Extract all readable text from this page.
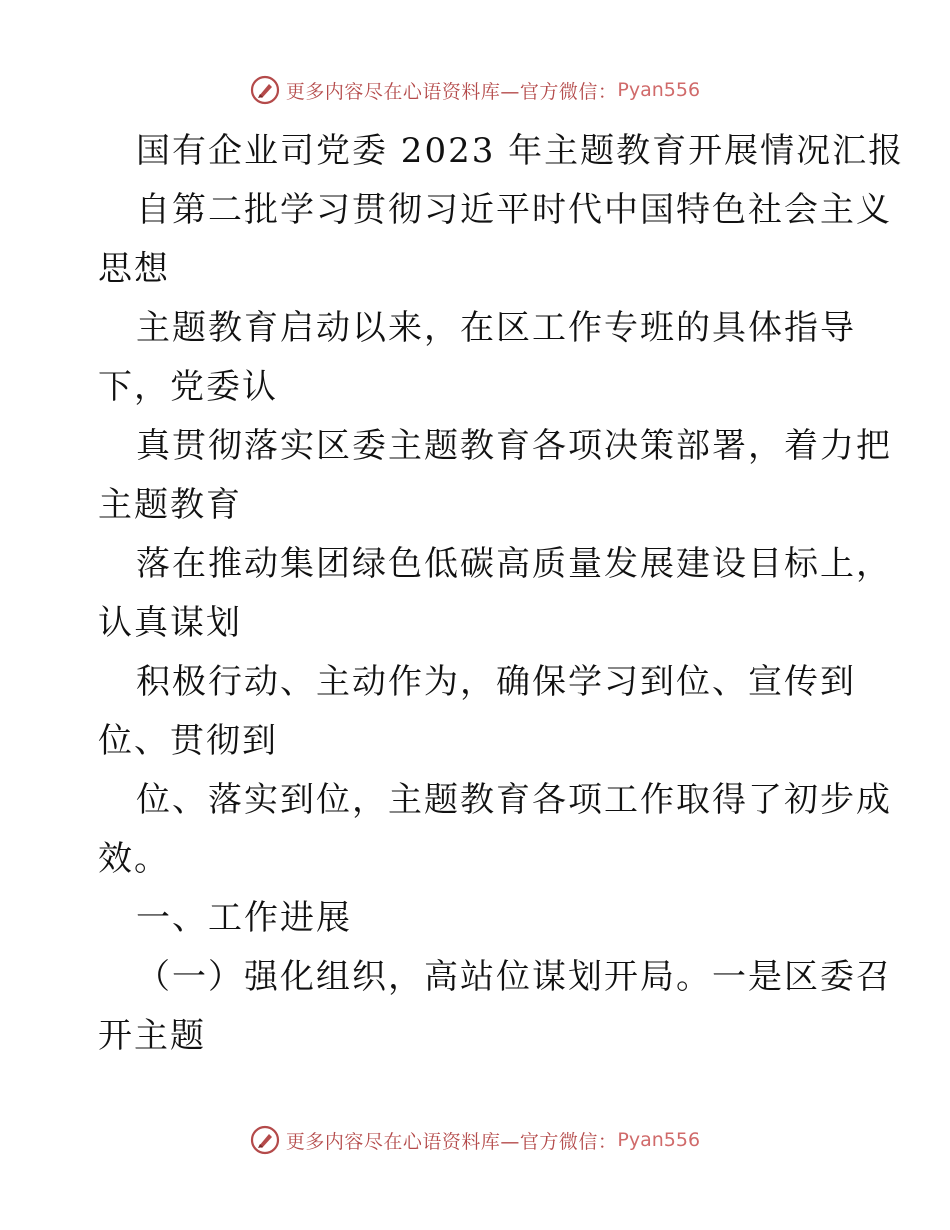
更多内容尽在心语资料库—官方微信： Pyan556
国有企业司党委 2023 年主题教育开展情况汇报
自第二批学习贯彻习近平时代中国特色社会主义
思想
主题教育启动以来，在区工作专班的具体指导
下，党委认
真贯彻落实区委主题教育各项决策部署，着力把
主题教育
落在推动集团绿色低碳高质量发展建设目标上，
认真谋划
积极行动、主动作为，确保学习到位、宣传到
位、贯彻到
位、落实到位，主题教育各项工作取得了初步成
效。
一、工作进展
（一）强化组织，高站位谋划开局。一是区委召
开主题
更多内容尽在心语资料库—官方微信： Pyan556
